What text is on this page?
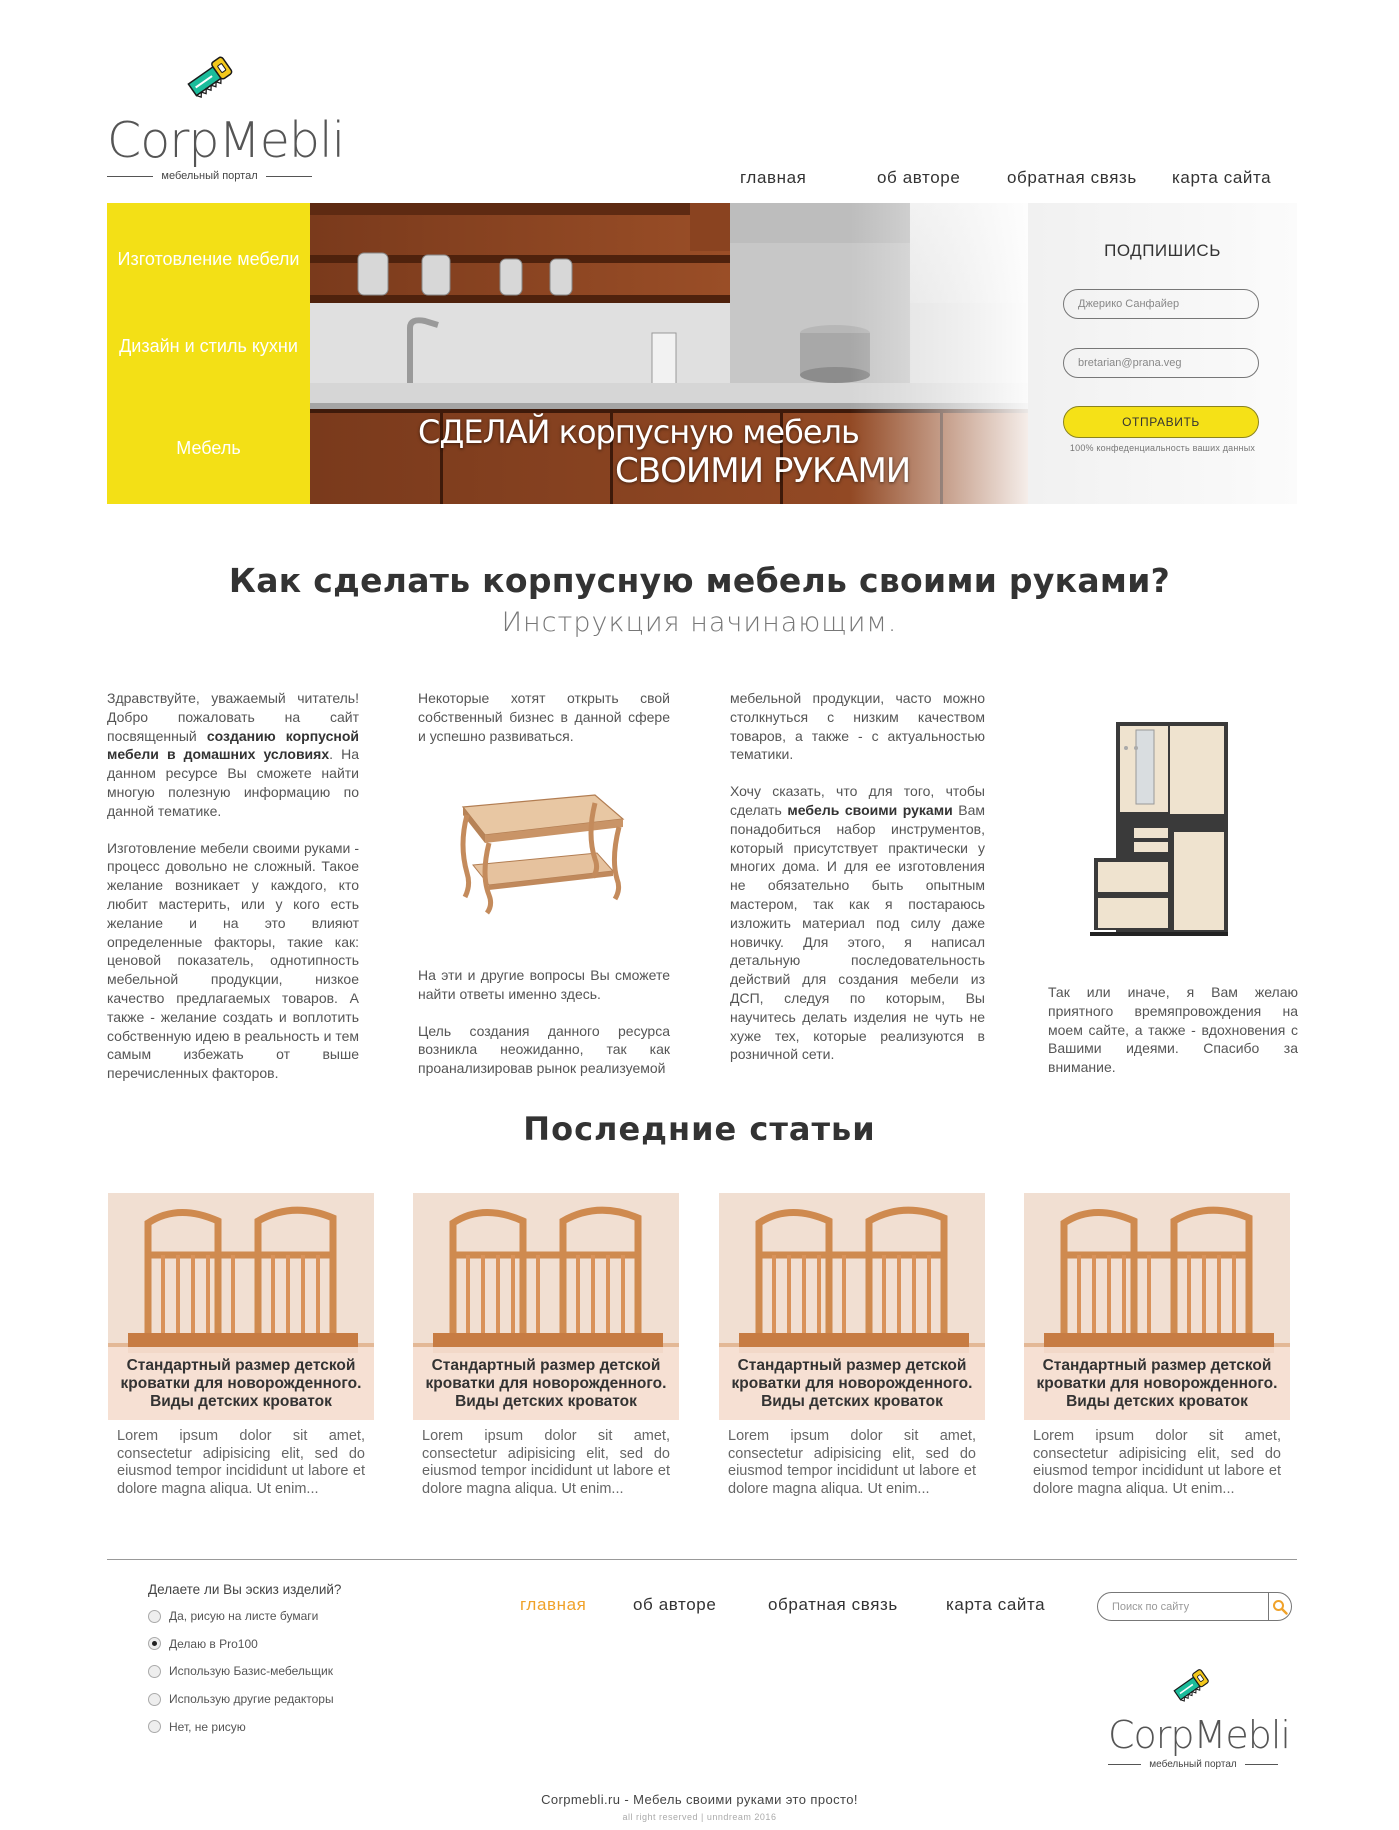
CorpMebli
мебельный портал	главная	об авторе	обратная связь карта сайта
Изготовление мебели
Дизайн и стиль кухни
Мебель	СДЕЛАЙ корпусную мебель
СВОИМИ РУКАМИ
ПОДПИШИСЬ
Джерико Санфайер
bretarian@prana.veg
ОТПРАВИТЬ
100% конфеденциальность ваших данных
Как сделать корпусную мебель своими руками?
Инструкция начинающим.

Здравствуйте, уважаемый читатель! Добро пожаловать на сайт посвященный созданию корпусной мебели в домашних условиях. На данном ресурсе Вы сможете найти многую полезную информацию по данной тематике.

Изготовление мебели своими руками - процесс довольно не сложный. Такое желание возникает у каждого, кто любит мастерить, или у кого есть желание и на это влияют определенные факторы, такие как: ценовой показатель, однотипность мебельной продукции, низкое качество предлагаемых товаров. А также - желание создать и воплотить собственную идею в реальность и тем самым избежать от выше перечисленных факторов.

Некоторые хотят открыть свой собственный бизнес в данной сфере и успешно развиваться.

На эти и другие вопросы Вы сможете найти ответы именно здесь.

Цель создания данного ресурса возникла неожиданно, так как проанализировав рынок реализуемой

мебельной продукции, часто можно столкнуться с низким качеством товаров, а также - с актуальностью тематики.

Хочу сказать, что для того, чтобы сделать мебель своими руками Вам понадобиться набор инструментов, который присутствует практически у многих дома. И для ее изготовления не обязательно быть опытным мастером, так как я постараюсь изложить материал под силу даже новичку. Для этого, я написал детальную последовательность действий для создания мебели из ДСП, следуя по которым, Вы научитесь делать изделия не чуть не хуже тех, которые реализуются в розничной сети.

Так или иначе, я Вам желаю приятного времяпровождения на моем сайте, а также - вдохновения с Вашими идеями. Спасибо за внимание.

Последние статьи
Стандартный размер детской кроватки для новорожденного. Виды детских кроваток
Lorem ipsum dolor sit amet, consectetur adipisicing elit, sed do eiusmod tempor incididunt ut labore et dolore magna aliqua. Ut enim...
Стандартный размер детской кроватки для новорожденного. Виды детских кроваток
Lorem ipsum dolor sit amet, consectetur adipisicing elit, sed do eiusmod tempor incididunt ut labore et dolore magna aliqua. Ut enim...
Стандартный размер детской кроватки для новорожденного. Виды детских кроваток
Lorem ipsum dolor sit amet, consectetur adipisicing elit, sed do eiusmod tempor incididunt ut labore et dolore magna aliqua. Ut enim...
Стандартный размер детской кроватки для новорожденного. Виды детских кроваток
Lorem ipsum dolor sit amet, consectetur adipisicing elit, sed do eiusmod tempor incididunt ut labore et dolore magna aliqua. Ut enim...
Делаете ли Вы эскиз изделий?
Да, рисую на листе бумаги
Делаю в Pro100
Использую Базис-мебельщик
Использую другие редакторы
Нет, не рисую
главная	об авторе	обратная связь	карта сайта
Поиск по сайту
CorpMebli
мебельный портал
Corpmebli.ru - Мебель своими руками это просто!
all right reserved | unndream 2016
